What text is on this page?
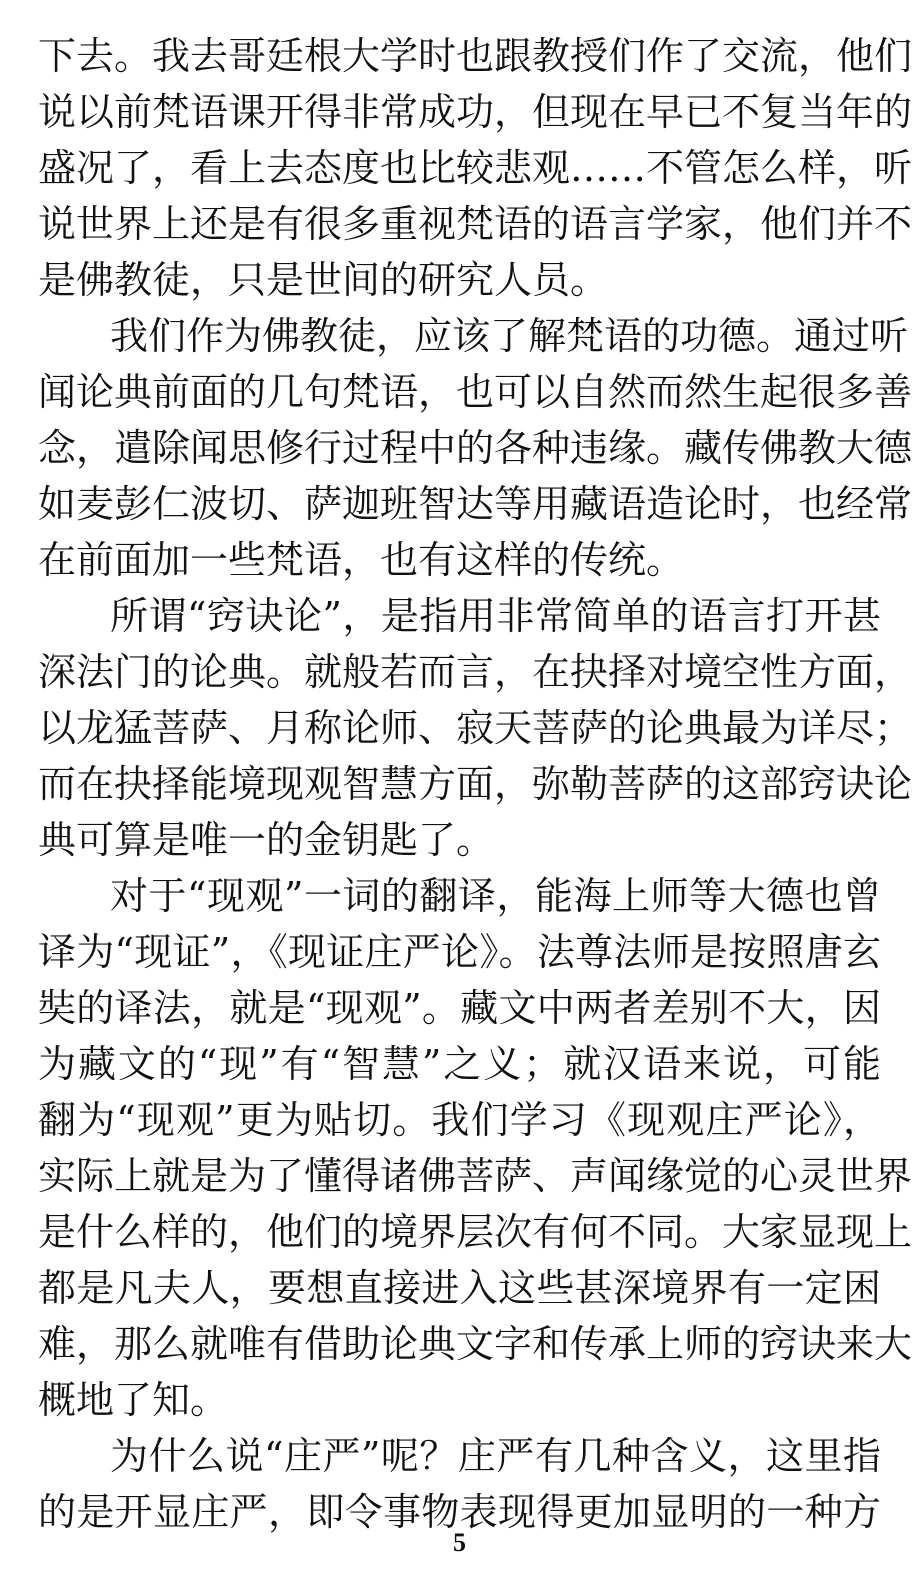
下去。我去哥廷根大学时也跟教授们作了交流，他们
说以前梵语课开得非常成功，但现在早已不复当年的
盛况了，看上去态度也比较悲观……不管怎么样，听
说世界上还是有很多重视梵语的语言学家，他们并不
是佛教徒，只是世间的研究人员。
我们作为佛教徒，应该了解梵语的功德。通过听
闻论典前面的几句梵语，也可以自然而然生起很多善
念，遣除闻思修行过程中的各种违缘。藏传佛教大德
如麦彭仁波切、萨迦班智达等用藏语造论时，也经常
在前面加一些梵语，也有这样的传统。
所谓“窍诀论”，是指用非常简单的语言打开甚
深法门的论典。就般若而言，在抉择对境空性方面，
以龙猛菩萨、月称论师、寂天菩萨的论典最为详尽；
而在抉择能境现观智慧方面，弥勒菩萨的这部窍诀论
典可算是唯一的金钥匙了。
对于“现观”一词的翻译，能海上师等大德也曾
译为“现证”，《现证庄严论》。法尊法师是按照唐玄
奘的译法，就是“现观”。藏文中两者差别不大，因
为藏文的“现”有“智慧”之义；就汉语来说，可能
翻为“现观”更为贴切。我们学习《现观庄严论》，
实际上就是为了懂得诸佛菩萨、声闻缘觉的心灵世界
是什么样的，他们的境界层次有何不同。大家显现上
都是凡夫人，要想直接进入这些甚深境界有一定困
难，那么就唯有借助论典文字和传承上师的窍诀来大
概地了知。
为什么说“庄严”呢？庄严有几种含义，这里指
的是开显庄严，即令事物表现得更加显明的一种方
5
